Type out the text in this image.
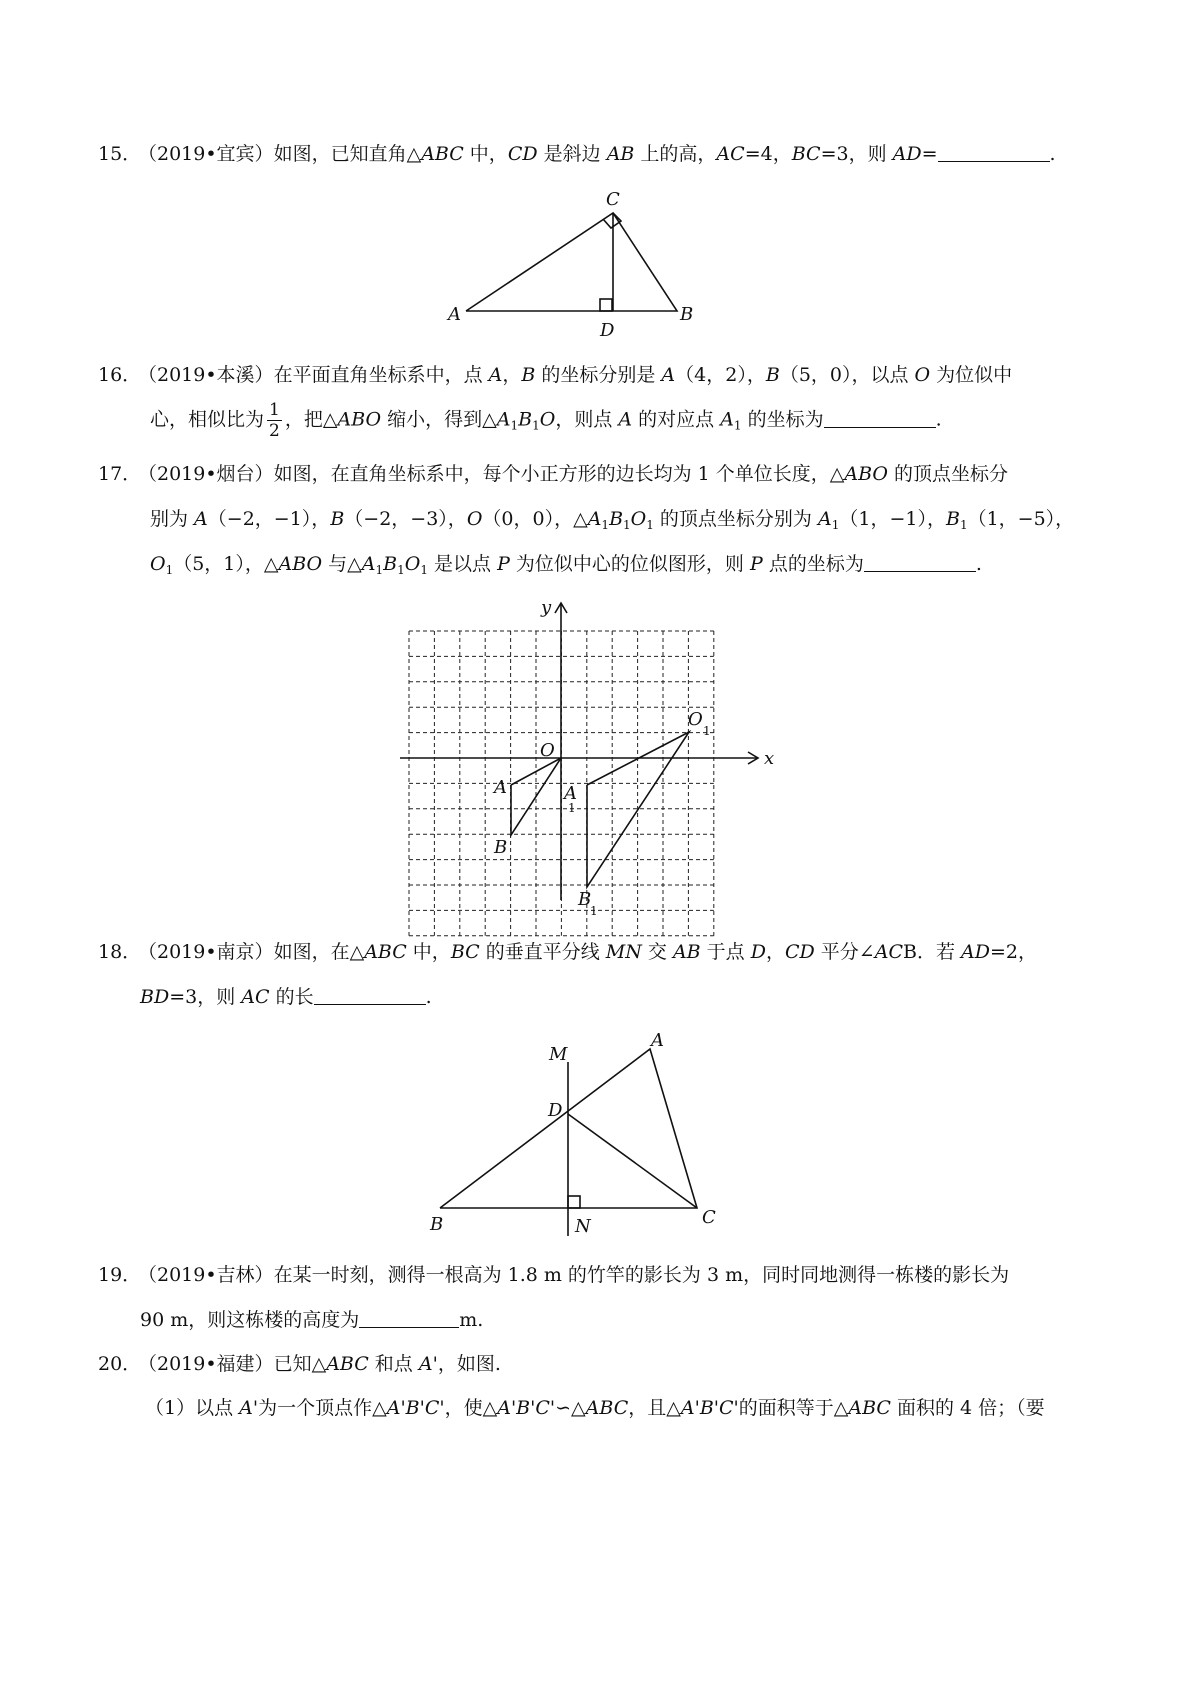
15．（2019•宜宾）如图，已知直角△ABC 中，CD 是斜边 AB 上的高，AC=4，BC=3，则 AD=	.
A
C
D
B
16．（2019•本溪）在平面直角坐标系中，点 A，B 的坐标分别是 A（4，2），B（5，0），以点 O 为位似中
心，相似比为 $\frac{1}{2}$ ，把△ABO 缩小，得到$\triangle A_1B_1O$，则点 A 的对应点 $A_1$ 的坐标为	.
17．（2019•烟台）如图，在直角坐标系中，每个小正方形的边长均为 1 个单位长度，△ABO 的顶点坐标分
别为 A（−2，−1），B（−2，−3），O（0，0），$\triangle A_1B_1O_1$ 的顶点坐标分别为 $A_1(1$，−1），$B_1(1$，−5），
$O_1(5$，1），△ABO 与$\triangle A_1B_1O_1$ 是以点 P 为位似中心的位似图形，则 P 点的坐标为	.
y
x
O
A
B
A
1
B
1
O
1
18．（2019•南京）如图，在△ABC 中，BC 的垂直平分线 MN 交 AB 于点 D，CD 平分∠ACB．若 AD=2，
BD=3，则 AC 的长	.
M
A
D
B	N	C
19．（2019•吉林）在某一时刻，测得一根高为 1.8 m 的竹竿的影长为 3 m，同时同地测得一栋楼的影长为
90 m，则这栋楼的高度为	m.
20．（2019•福建）已知△ABC 和点 A'，如图.
（1）以点 A'为一个顶点作△A'B'C'，使△A'B'C'∽△ABC，且△A'B'C'的面积等于△ABC 面积的 4 倍；（要
